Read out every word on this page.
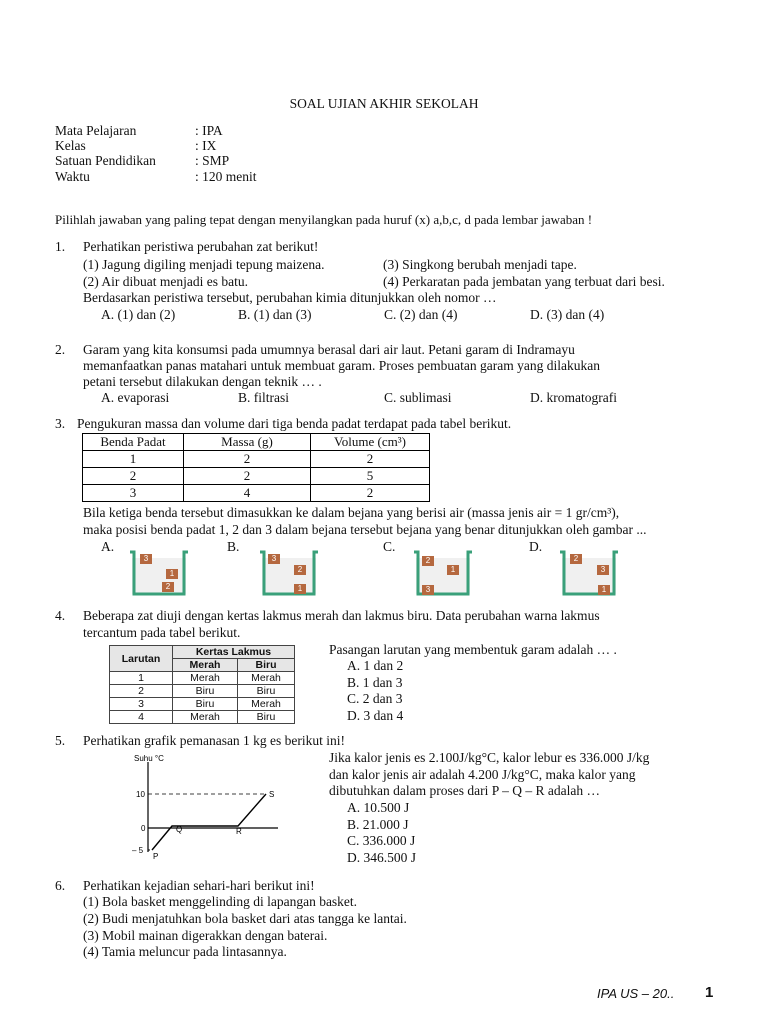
SOAL UJIAN AKHIR SEKOLAH
Mata Pelajaran	: IPA
Kelas	: IX
Satuan Pendidikan	: SMP
Waktu	: 120 menit
Pilihlah jawaban yang paling tepat dengan menyilangkan pada huruf (x) a,b,c, d pada lembar jawaban !
1. Perhatikan peristiwa perubahan zat berikut!
(1) Jagung digiling menjadi tepung maizena.	(3) Singkong berubah menjadi tape.
(2) Air dibuat menjadi es batu.	(4) Perkaratan pada jembatan yang terbuat dari besi.
Berdasarkan peristiwa tersebut, perubahan kimia ditunjukkan oleh nomor …
A. (1) dan (2)	B. (1) dan (3)	C. (2) dan (4)	D. (3) dan (4)
2. Garam yang kita konsumsi pada umumnya berasal dari air laut. Petani garam di Indramayu
memanfaatkan panas matahari untuk membuat garam. Proses pembuatan garam yang dilakukan
petani tersebut dilakukan dengan teknik … .
A. evaporasi	B. filtrasi	C. sublimasi	D. kromatografi
3. Pengukuran massa dan volume dari tiga benda padat terdapat pada tabel berikut.
Benda Padat	Massa (g)	Volume (cm³)
1	2	2
2	2	5
3	4	2
Bila ketiga benda tersebut dimasukkan ke dalam bejana yang berisi air (massa jenis air = 1 gr/cm³),
maka posisi benda padat 1, 2 dan 3 dalam bejana tersebut bejana yang benar ditunjukkan oleh gambar ...
A.	B.	C.	D.
3
1
2
3
2
1
2
1
3
2
3
1
4. Beberapa zat diuji dengan kertas lakmus merah dan lakmus biru. Data perubahan warna lakmus
tercantum pada tabel berikut.
Larutan	Kertas Lakmus	
	Merah	Biru
1	Merah	Merah
2	Biru	Biru
3	Biru	Merah
4	Merah	Biru
Pasangan larutan yang membentuk garam adalah … .
A. 1 dan 2
B. 1 dan 3
C. 2 dan 3
D. 3 dan 4
5. Perhatikan grafik pemanasan 1 kg es berikut ini!
Suhu °C
10
0
– 5
P
Q	R
S
Jika kalor jenis es 2.100J/kg°C, kalor lebur es 336.000 J/kg
dan kalor jenis air adalah 4.200 J/kg°C, maka kalor yang
dibutuhkan dalam proses dari P – Q – R adalah …
A. 10.500 J
B. 21.000 J
C. 336.000 J
D. 346.500 J
6. Perhatikan kejadian sehari-hari berikut ini!
(1) Bola basket menggelinding di lapangan basket.
(2) Budi menjatuhkan bola basket dari atas tangga ke lantai.
(3) Mobil mainan digerakkan dengan baterai.
(4) Tamia meluncur pada lintasannya.
IPA US – 20.. 1
